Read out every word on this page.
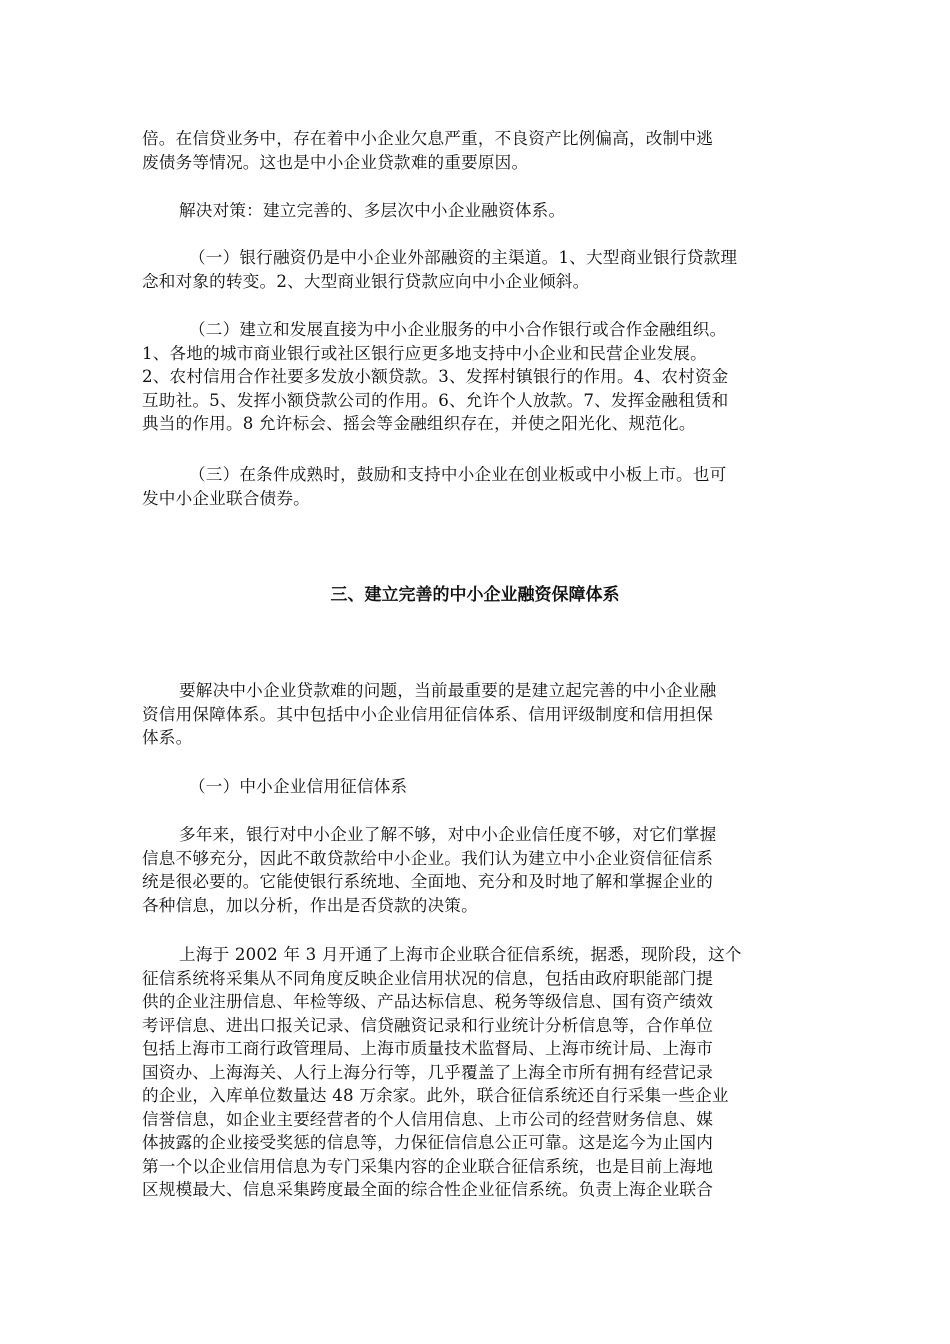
倍。在信贷业务中，存在着中小企业欠息严重，不良资产比例偏高，改制中逃
废债务等情况。这也是中小企业贷款难的重要原因。

解决对策：建立完善的、多层次中小企业融资体系。

（一）银行融资仍是中小企业外部融资的主渠道。1、大型商业银行贷款理
念和对象的转变。2、大型商业银行贷款应向中小企业倾斜。

（二）建立和发展直接为中小企业服务的中小合作银行或合作金融组织。
1、各地的城市商业银行或社区银行应更多地支持中小企业和民营企业发展。
2、农村信用合作社要多发放小额贷款。3、发挥村镇银行的作用。4、农村资金
互助社。5、发挥小额贷款公司的作用。6、允许个人放款。7、发挥金融租赁和
典当的作用。8 允许标会、摇会等金融组织存在，并使之阳光化、规范化。

（三）在条件成熟时，鼓励和支持中小企业在创业板或中小板上市。也可
发中小企业联合债券。

三、建立完善的中小企业融资保障体系

要解决中小企业贷款难的问题，当前最重要的是建立起完善的中小企业融
资信用保障体系。其中包括中小企业信用征信体系、信用评级制度和信用担保
体系。

（一）中小企业信用征信体系

多年来，银行对中小企业了解不够，对中小企业信任度不够，对它们掌握
信息不够充分，因此不敢贷款给中小企业。我们认为建立中小企业资信征信系
统是很必要的。它能使银行系统地、全面地、充分和及时地了解和掌握企业的
各种信息，加以分析，作出是否贷款的决策。

上海于 2002 年 3 月开通了上海市企业联合征信系统，据悉，现阶段，这个
征信系统将采集从不同角度反映企业信用状况的信息，包括由政府职能部门提
供的企业注册信息、年检等级、产品达标信息、税务等级信息、国有资产绩效
考评信息、进出口报关记录、信贷融资记录和行业统计分析信息等，合作单位
包括上海市工商行政管理局、上海市质量技术监督局、上海市统计局、上海市
国资办、上海海关、人行上海分行等，几乎覆盖了上海全市所有拥有经营记录
的企业，入库单位数量达 48 万余家。此外，联合征信系统还自行采集一些企业
信誉信息，如企业主要经营者的个人信用信息、上市公司的经营财务信息、媒
体披露的企业接受奖惩的信息等，力保征信信息公正可靠。这是迄今为止国内
第一个以企业信用信息为专门采集内容的企业联合征信系统，也是目前上海地
区规模最大、信息采集跨度最全面的综合性企业征信系统。负责上海企业联合
